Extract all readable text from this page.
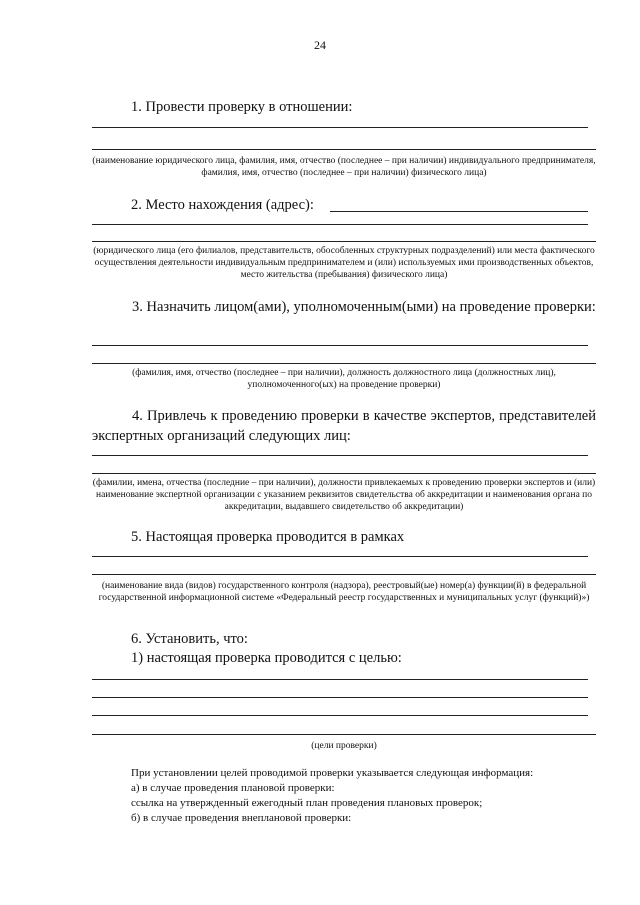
24
1. Провести проверку в отношении:
(наименование юридического лица, фамилия, имя, отчество (последнее – при наличии) индивидуального предпринимателя, фамилия, имя, отчество (последнее – при наличии) физического лица)
2. Место нахождения (адрес):
(юридического лица (его филиалов, представительств, обособленных структурных подразделений) или места фактического осуществления деятельности индивидуальным предпринимателем и (или) используемых ими производственных объектов, место жительства (пребывания) физического лица)
3. Назначить лицом(ами), уполномоченным(ыми) на проведение проверки:
(фамилия, имя, отчество (последнее – при наличии), должность должностного лица (должностных лиц), уполномоченного(ых) на проведение проверки)
4. Привлечь к проведению проверки в качестве экспертов, представителей экспертных организаций следующих лиц:
(фамилии, имена, отчества (последние – при наличии), должности привлекаемых к проведению проверки экспертов и (или) наименование экспертной организации с указанием реквизитов свидетельства об аккредитации и наименования органа по аккредитации, выдавшего свидетельство об аккредитации)
5. Настоящая проверка проводится в рамках
(наименование вида (видов) государственного контроля (надзора), реестровый(ые) номер(а) функции(й) в федеральной государственной информационной системе «Федеральный реестр государственных и муниципальных услуг (функций)»)
6. Установить, что:
1) настоящая проверка проводится с целью:
(цели проверки)
При установлении целей проводимой проверки указывается следующая информация:
а) в случае проведения плановой проверки:
ссылка на утвержденный ежегодный план проведения плановых проверок;
б) в случае проведения внеплановой проверки:
